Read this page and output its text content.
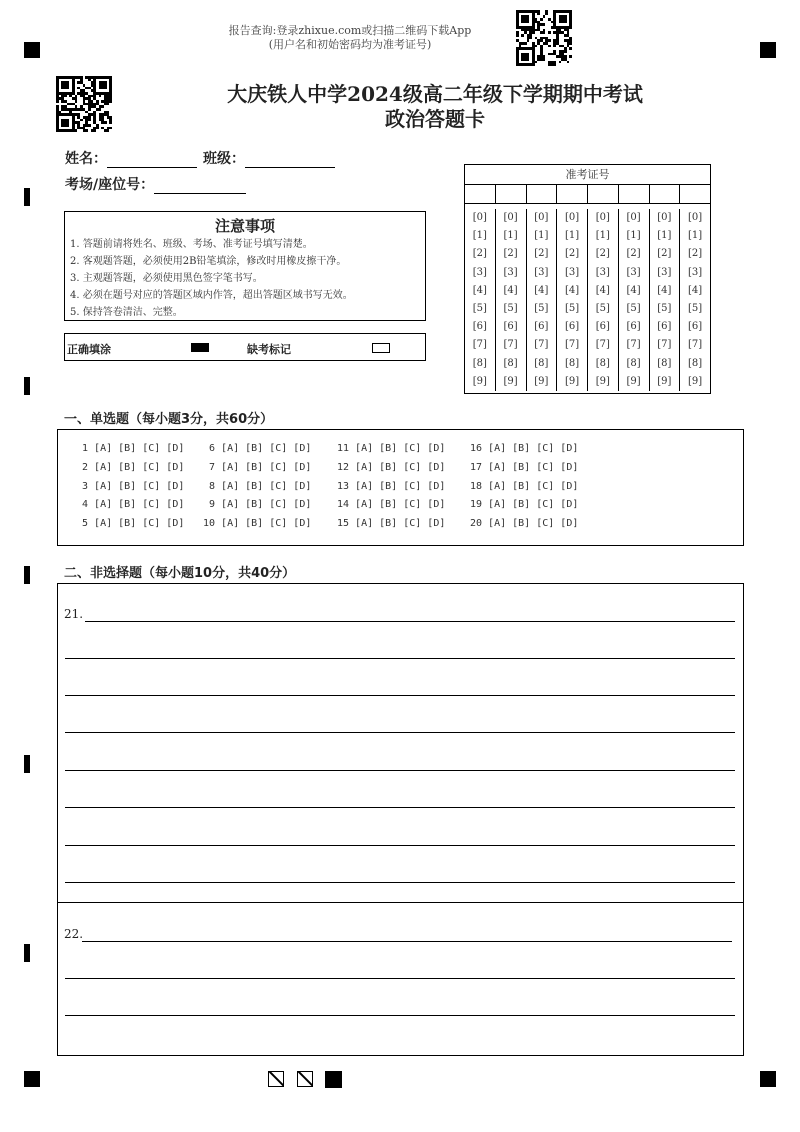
报告查询:登录zhixue.com或扫描二维码下载App
(用户名和初始密码均为准考证号)
大庆铁人中学2024级高二年级下学期期中考试
政治答题卡
姓名：	班级：
考场/座位号：
注意事项
1. 答题前请将姓名、班级、考场、准考证号填写清楚。
2. 客观题答题，必须使用2B铅笔填涂，修改时用橡皮擦干净。
3. 主观题答题，必须使用黑色签字笔书写。
4. 必须在题号对应的答题区域内作答，超出答题区域书写无效。
5. 保持答卷清洁、完整。
正确填涂	缺考标记
准考证号
[0]
[1]
[2]
[3]
[4]
[5]
[6]
[7]
[8]
[9]
[0]
[1]
[2]
[3]
[4]
[5]
[6]
[7]
[8]
[9]
[0]
[1]
[2]
[3]
[4]
[5]
[6]
[7]
[8]
[9]
[0]
[1]
[2]
[3]
[4]
[5]
[6]
[7]
[8]
[9]
[0]
[1]
[2]
[3]
[4]
[5]
[6]
[7]
[8]
[9]
[0]
[1]
[2]
[3]
[4]
[5]
[6]
[7]
[8]
[9]
[0]
[1]
[2]
[3]
[4]
[5]
[6]
[7]
[8]
[9]
[0]
[1]
[2]
[3]
[4]
[5]
[6]
[7]
[8]
[9]
一、单选题（每小题3分，共60分）
1 [A] [B] [C] [D]
2 [A] [B] [C] [D]
3 [A] [B] [C] [D]
4 [A] [B] [C] [D]
5 [A] [B] [C] [D]
6 [A] [B] [C] [D]
7 [A] [B] [C] [D]
8 [A] [B] [C] [D]
9 [A] [B] [C] [D]
10 [A] [B] [C] [D]
11 [A] [B] [C] [D]
12 [A] [B] [C] [D]
13 [A] [B] [C] [D]
14 [A] [B] [C] [D]
15 [A] [B] [C] [D]
16 [A] [B] [C] [D]
17 [A] [B] [C] [D]
18 [A] [B] [C] [D]
19 [A] [B] [C] [D]
20 [A] [B] [C] [D]
二、非选择题（每小题10分，共40分）
21.
22.
